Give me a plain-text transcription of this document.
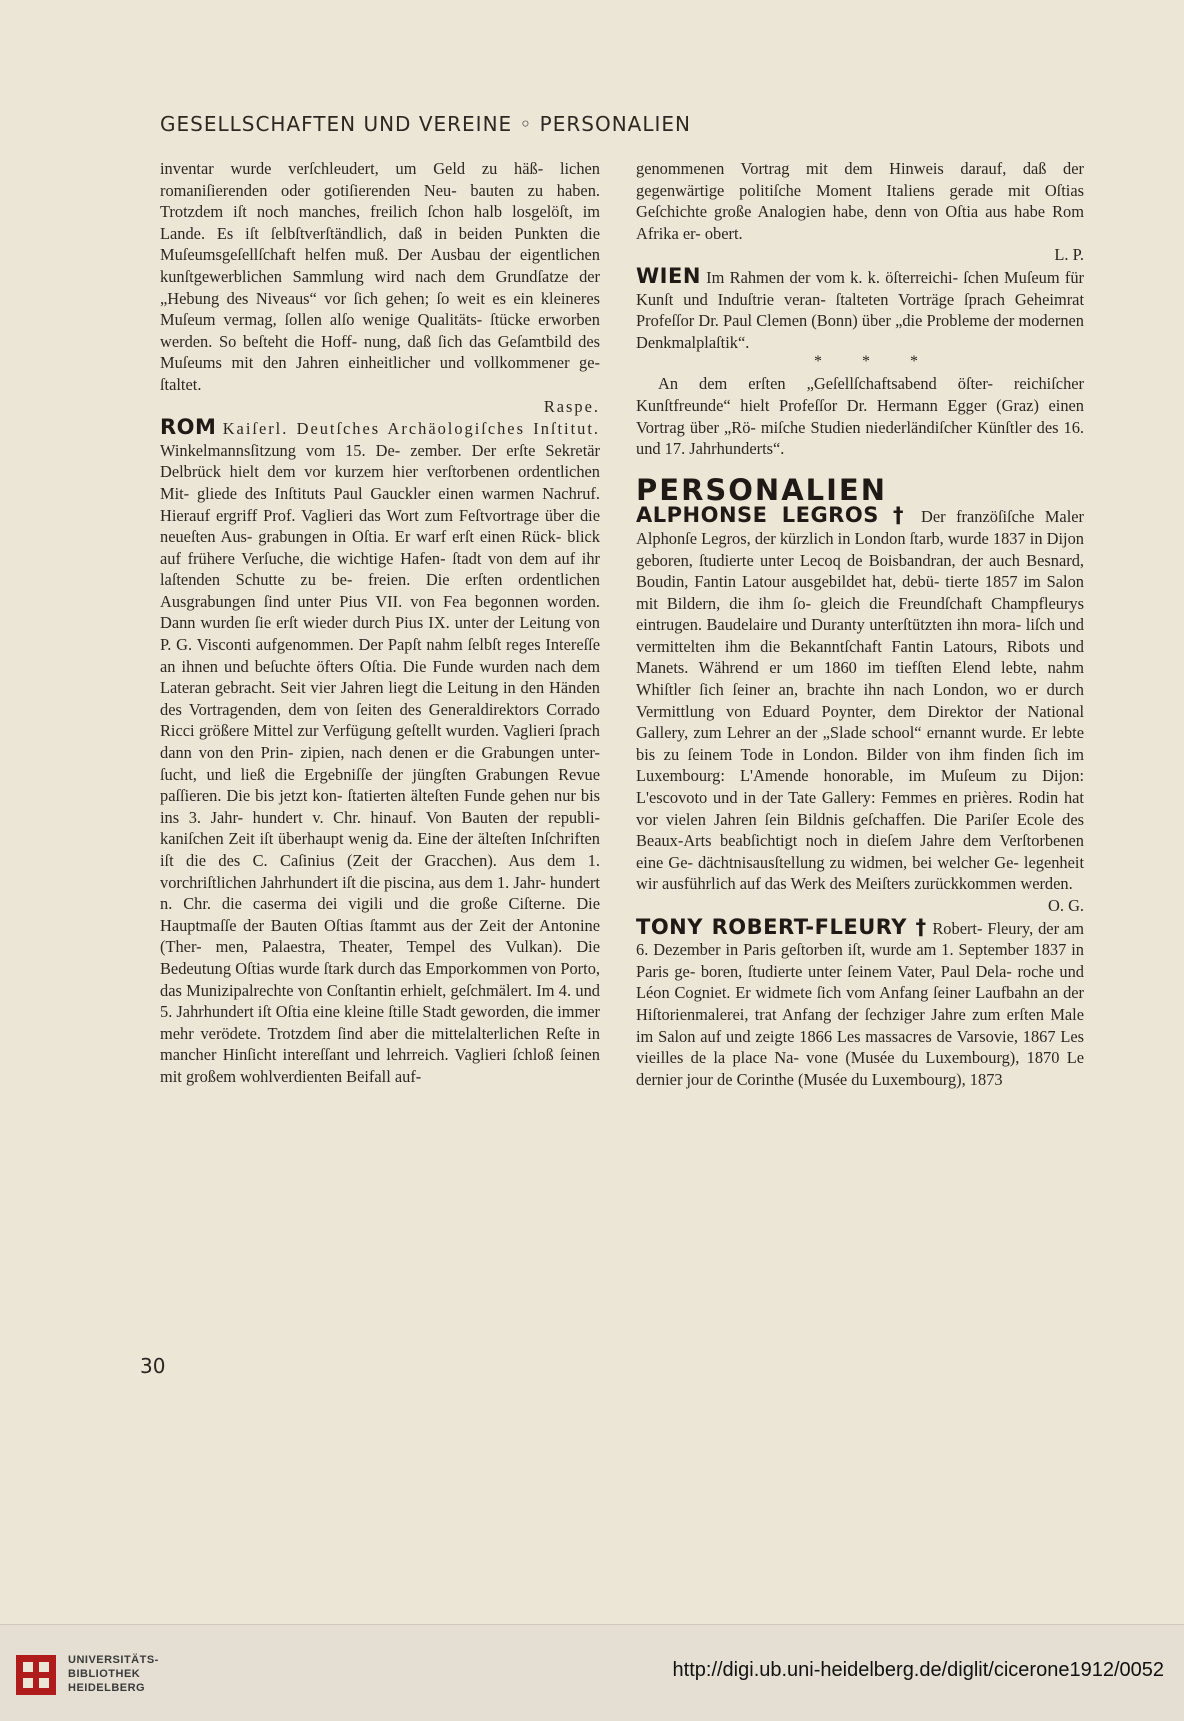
GESELLSCHAFTEN UND VEREINE ◦ PERSONALIEN

inventar wurde verſchleudert, um Geld zu häß- lichen romaniſierenden oder gotiſierenden Neu- bauten zu haben. Trotzdem iſt noch manches, freilich ſchon halb losgelöſt, im Lande. Es iſt ſelbſtverſtändlich, daß in beiden Punkten die Muſeumsgeſellſchaft helfen muß. Der Ausbau der eigentlichen kunſtgewerblichen Sammlung wird nach dem Grundſatze der „Hebung des Niveaus“ vor ſich gehen; ſo weit es ein kleineres Muſeum vermag, ſollen alſo wenige Qualitäts- ſtücke erworben werden. So beſteht die Hoff- nung, daß ſich das Geſamtbild des Muſeums mit den Jahren einheitlicher und vollkommener ge- ſtaltet.

Raspe.

ROM Kaiſerl. Deutſches Archäologiſches Inſtitut. Winkelmannsſitzung vom 15. De- zember. Der erſte Sekretär Delbrück hielt dem vor kurzem hier verſtorbenen ordentlichen Mit- gliede des Inſtituts Paul Gauckler einen warmen Nachruf. Hierauf ergriff Prof. Vaglieri das Wort zum Feſtvortrage über die neueſten Aus- grabungen in Oſtia. Er warf erſt einen Rück- blick auf frühere Verſuche, die wichtige Hafen- ſtadt von dem auf ihr laſtenden Schutte zu be- freien. Die erſten ordentlichen Ausgrabungen ſind unter Pius VII. von Fea begonnen worden. Dann wurden ſie erſt wieder durch Pius IX. unter der Leitung von P. G. Visconti aufgenommen. Der Papſt nahm ſelbſt reges Intereſſe an ihnen und beſuchte öfters Oſtia. Die Funde wurden nach dem Lateran gebracht. Seit vier Jahren liegt die Leitung in den Händen des Vortragenden, dem von ſeiten des Generaldirektors Corrado Ricci größere Mittel zur Verfügung geſtellt wurden. Vaglieri ſprach dann von den Prin- zipien, nach denen er die Grabungen unter- ſucht, und ließ die Ergebniſſe der jüngſten Grabungen Revue paſſieren. Die bis jetzt kon- ſtatierten älteſten Funde gehen nur bis ins 3. Jahr- hundert v. Chr. hinauf. Von Bauten der republi- kaniſchen Zeit iſt überhaupt wenig da. Eine der älteſten Inſchriften iſt die des C. Caſinius (Zeit der Gracchen). Aus dem 1. vorchriſtlichen Jahrhundert iſt die piscina, aus dem 1. Jahr- hundert n. Chr. die caserma dei vigili und die große Ciſterne. Die Hauptmaſſe der Bauten Oſtias ſtammt aus der Zeit der Antonine (Ther- men, Palaestra, Theater, Tempel des Vulkan). Die Bedeutung Oſtias wurde ſtark durch das Emporkommen von Porto, das Munizipalrechte von Conſtantin erhielt, geſchmälert. Im 4. und 5. Jahrhundert iſt Oſtia eine kleine ſtille Stadt geworden, die immer mehr verödete. Trotzdem ſind aber die mittelalterlichen Reſte in mancher Hinſicht intereſſant und lehrreich. Vaglieri ſchloß ſeinen mit großem wohlverdienten Beifall auf-

genommenen Vortrag mit dem Hinweis darauf, daß der gegenwärtige politiſche Moment Italiens gerade mit Oſtias Geſchichte große Analogien habe, denn von Oſtia aus habe Rom Afrika er- obert.

L. P.

WIEN Im Rahmen der vom k. k. öſterreichi- ſchen Muſeum für Kunſt und Induſtrie veran- ſtalteten Vorträge ſprach Geheimrat Profeſſor Dr. Paul Clemen (Bonn) über „die Probleme der modernen Denkmalplaſtik“.

* * *

An dem erſten „Geſellſchaftsabend öſter- reichiſcher Kunſtfreunde“ hielt Profeſſor Dr. Hermann Egger (Graz) einen Vortrag über „Rö- miſche Studien niederländiſcher Künſtler des 16. und 17. Jahrhunderts“.

PERSONALIEN

ALPHONSE LEGROS † Der franzöſiſche Maler Alphonſe Legros, der kürzlich in London ſtarb, wurde 1837 in Dijon geboren, ſtudierte unter Lecoq de Boisbandran, der auch Besnard, Boudin, Fantin Latour ausgebildet hat, debü- tierte 1857 im Salon mit Bildern, die ihm ſo- gleich die Freundſchaft Champfleurys eintrugen. Baudelaire und Duranty unterſtützten ihn mora- liſch und vermittelten ihm die Bekanntſchaft Fantin Latours, Ribots und Manets. Während er um 1860 im tiefſten Elend lebte, nahm Whiſtler ſich ſeiner an, brachte ihn nach London, wo er durch Vermittlung von Eduard Poynter, dem Direktor der National Gallery, zum Lehrer an der „Slade school“ ernannt wurde. Er lebte bis zu ſeinem Tode in London. Bilder von ihm finden ſich im Luxembourg: L'Amende honorable, im Muſeum zu Dijon: L'escovoto und in der Tate Gallery: Femmes en prières. Rodin hat vor vielen Jahren ſein Bildnis geſchaffen. Die Pariſer Ecole des Beaux-Arts beabſichtigt noch in dieſem Jahre dem Verſtorbenen eine Ge- dächtnisausſtellung zu widmen, bei welcher Ge- legenheit wir ausführlich auf das Werk des Meiſters zurückkommen werden.

O. G.

TONY ROBERT-FLEURY † Robert- Fleury, der am 6. Dezember in Paris geſtorben iſt, wurde am 1. September 1837 in Paris ge- boren, ſtudierte unter ſeinem Vater, Paul Dela- roche und Léon Cogniet. Er widmete ſich vom Anfang ſeiner Laufbahn an der Hiſtorienmalerei, trat Anfang der ſechziger Jahre zum erſten Male im Salon auf und zeigte 1866 Les massacres de Varsovie, 1867 Les vieilles de la place Na- vone (Musée du Luxembourg), 1870 Le dernier jour de Corinthe (Musée du Luxembourg), 1873

30
UNIVERSITÄTS-
BIBLIOTHEK
HEIDELBERG
http://digi.ub.uni-heidelberg.de/diglit/cicerone1912/0052
